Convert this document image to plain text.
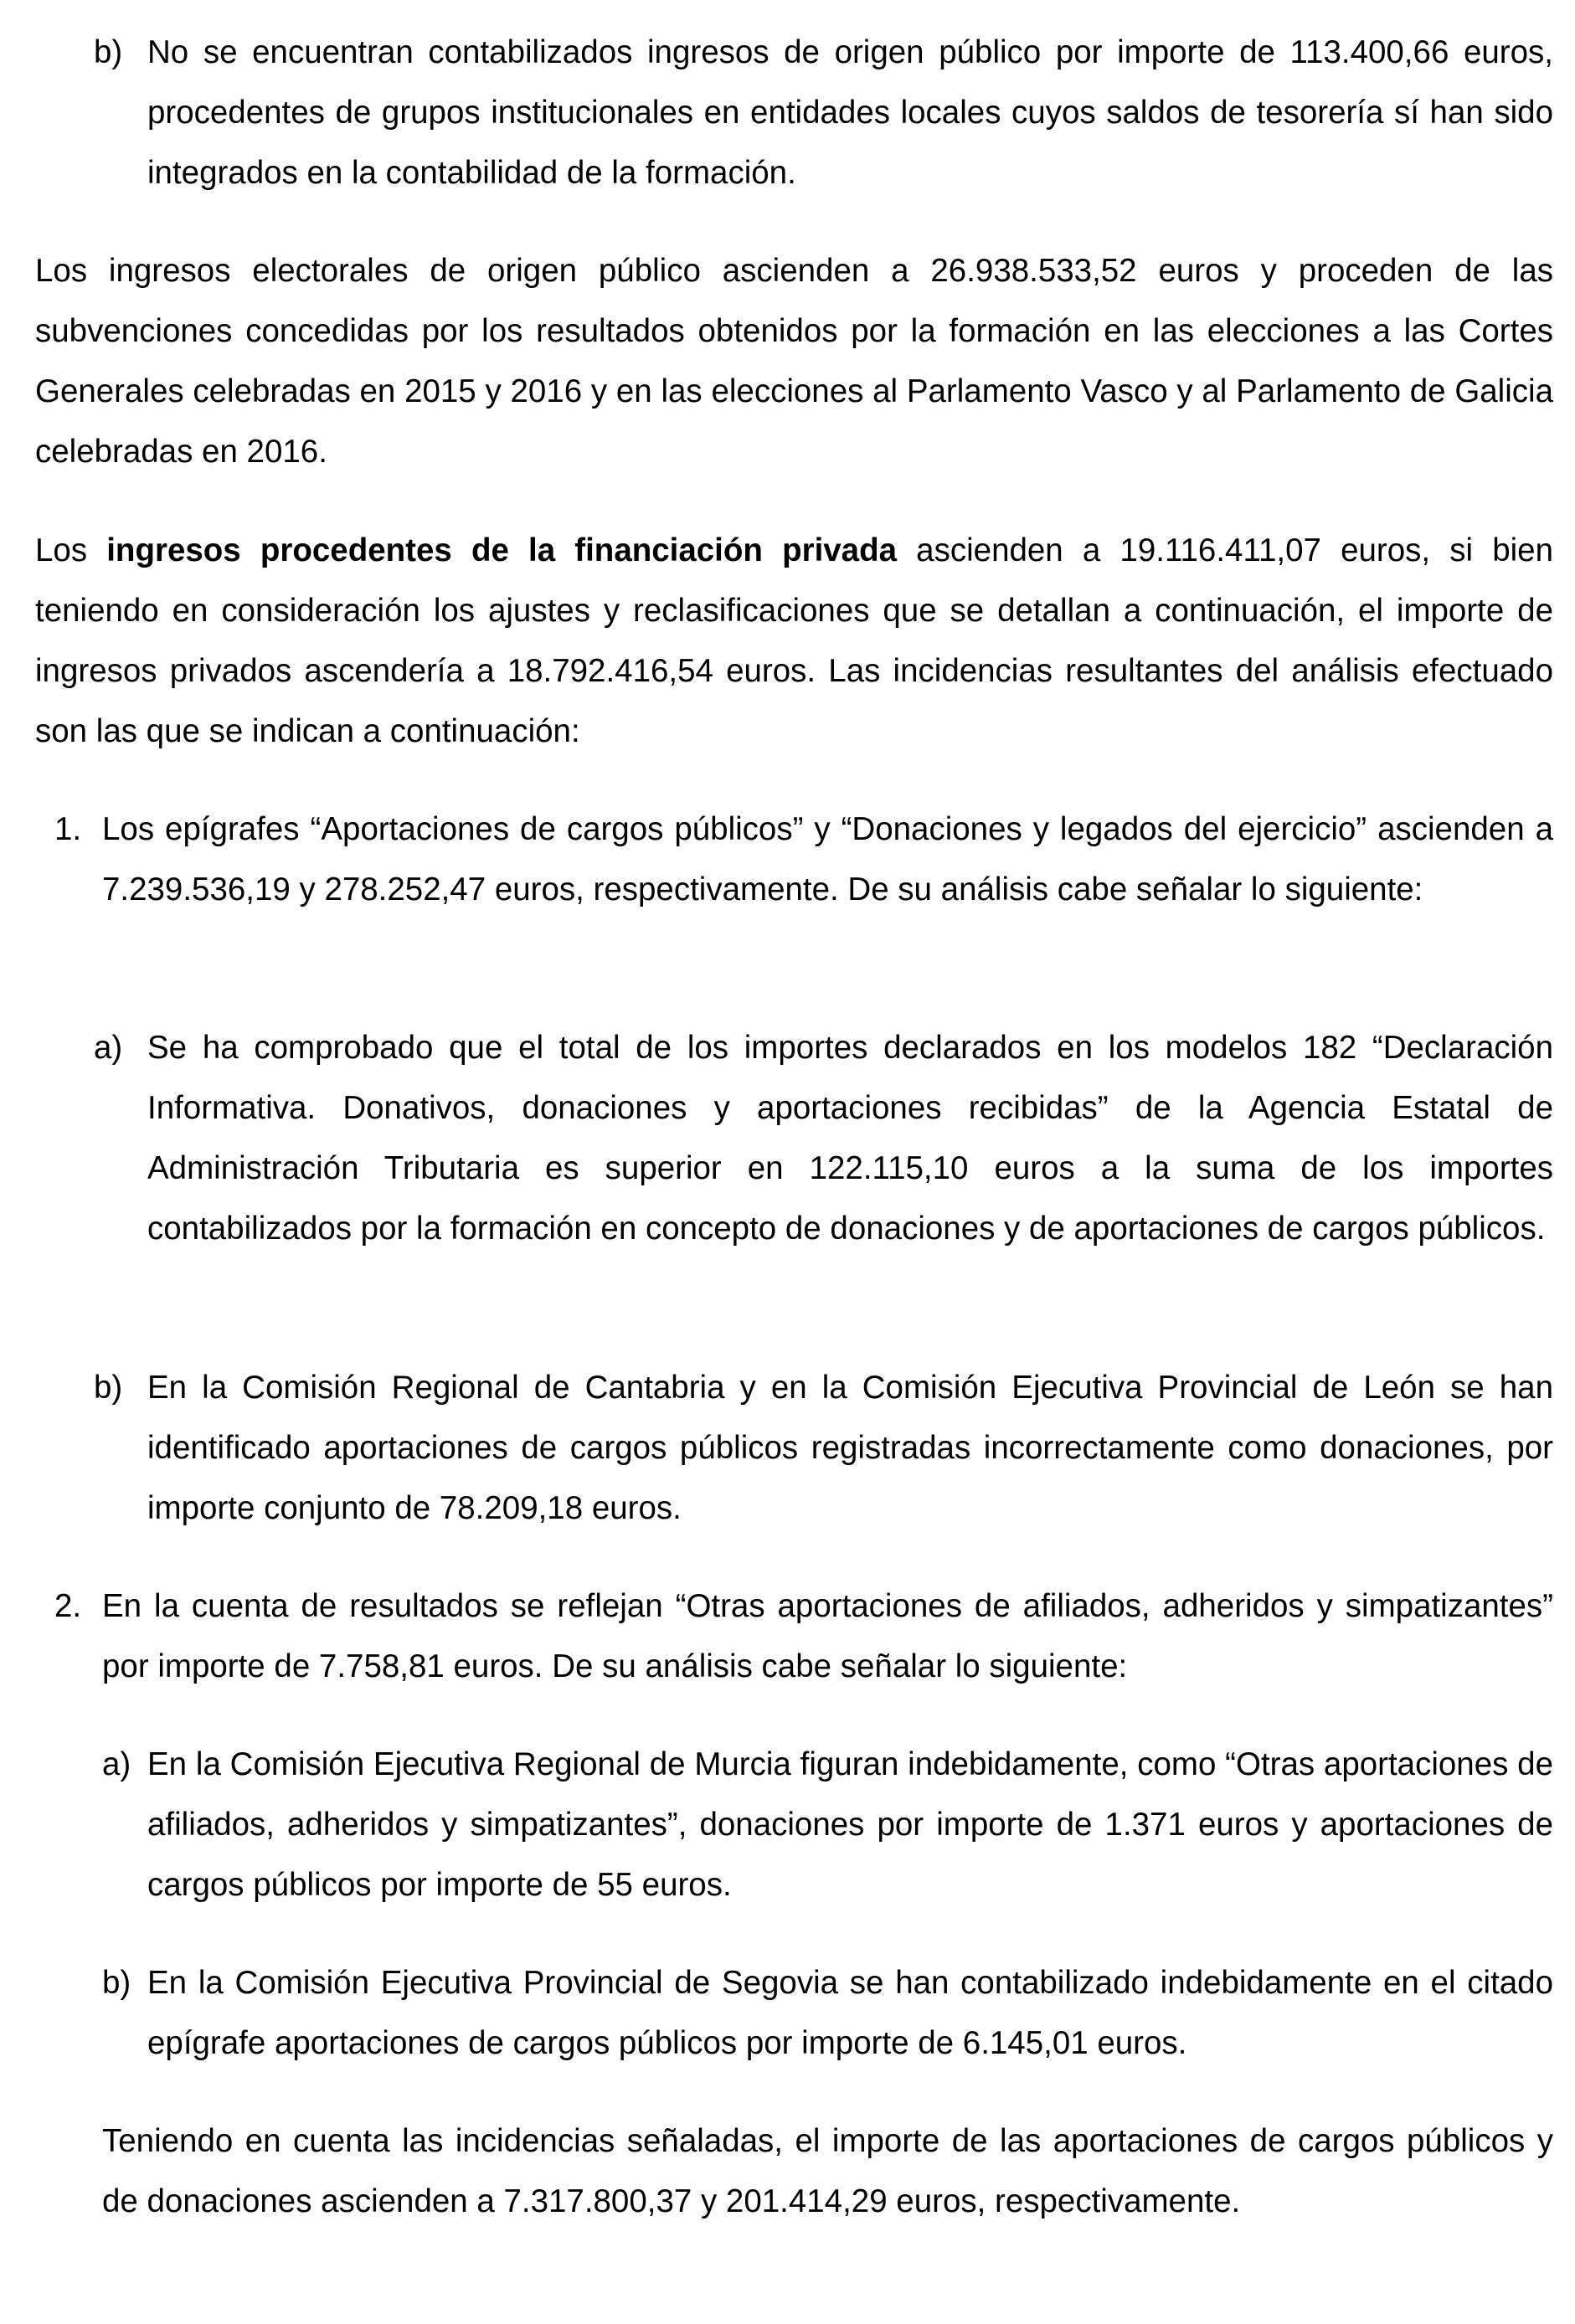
b) No se encuentran contabilizados ingresos de origen público por importe de 113.400,66 euros, procedentes de grupos institucionales en entidades locales cuyos saldos de tesorería sí han sido integrados en la contabilidad de la formación.

Los ingresos electorales de origen público ascienden a 26.938.533,52 euros y proceden de las subvenciones concedidas por los resultados obtenidos por la formación en las elecciones a las Cortes Generales celebradas en 2015 y 2016 y en las elecciones al Parlamento Vasco y al Parlamento de Galicia celebradas en 2016.

Los ingresos procedentes de la financiación privada ascienden a 19.116.411,07 euros, si bien teniendo en consideración los ajustes y reclasificaciones que se detallan a continuación, el importe de ingresos privados ascendería a 18.792.416,54 euros. Las incidencias resultantes del análisis efectuado son las que se indican a continuación:

1. Los epígrafes “Aportaciones de cargos públicos” y “Donaciones y legados del ejercicio” ascienden a 7.239.536,19 y 278.252,47 euros, respectivamente. De su análisis cabe señalar lo siguiente:

a) Se ha comprobado que el total de los importes declarados en los modelos 182 “Declaración Informativa. Donativos, donaciones y aportaciones recibidas” de la Agencia Estatal de Administración Tributaria es superior en 122.115,10 euros a la suma de los importes contabilizados por la formación en concepto de donaciones y de aportaciones de cargos públicos.

b) En la Comisión Regional de Cantabria y en la Comisión Ejecutiva Provincial de León se han identificado aportaciones de cargos públicos registradas incorrectamente como donaciones, por importe conjunto de 78.209,18 euros.

2. En la cuenta de resultados se reflejan “Otras aportaciones de afiliados, adheridos y simpatizantes” por importe de 7.758,81 euros. De su análisis cabe señalar lo siguiente:

a) En la Comisión Ejecutiva Regional de Murcia figuran indebidamente, como “Otras aportaciones de afiliados, adheridos y simpatizantes”, donaciones por importe de 1.371 euros y aportaciones de cargos públicos por importe de 55 euros.

b) En la Comisión Ejecutiva Provincial de Segovia se han contabilizado indebidamente en el citado epígrafe aportaciones de cargos públicos por importe de 6.145,01 euros.

Teniendo en cuenta las incidencias señaladas, el importe de las aportaciones de cargos públicos y de donaciones ascienden a 7.317.800,37 y 201.414,29 euros, respectivamente.
